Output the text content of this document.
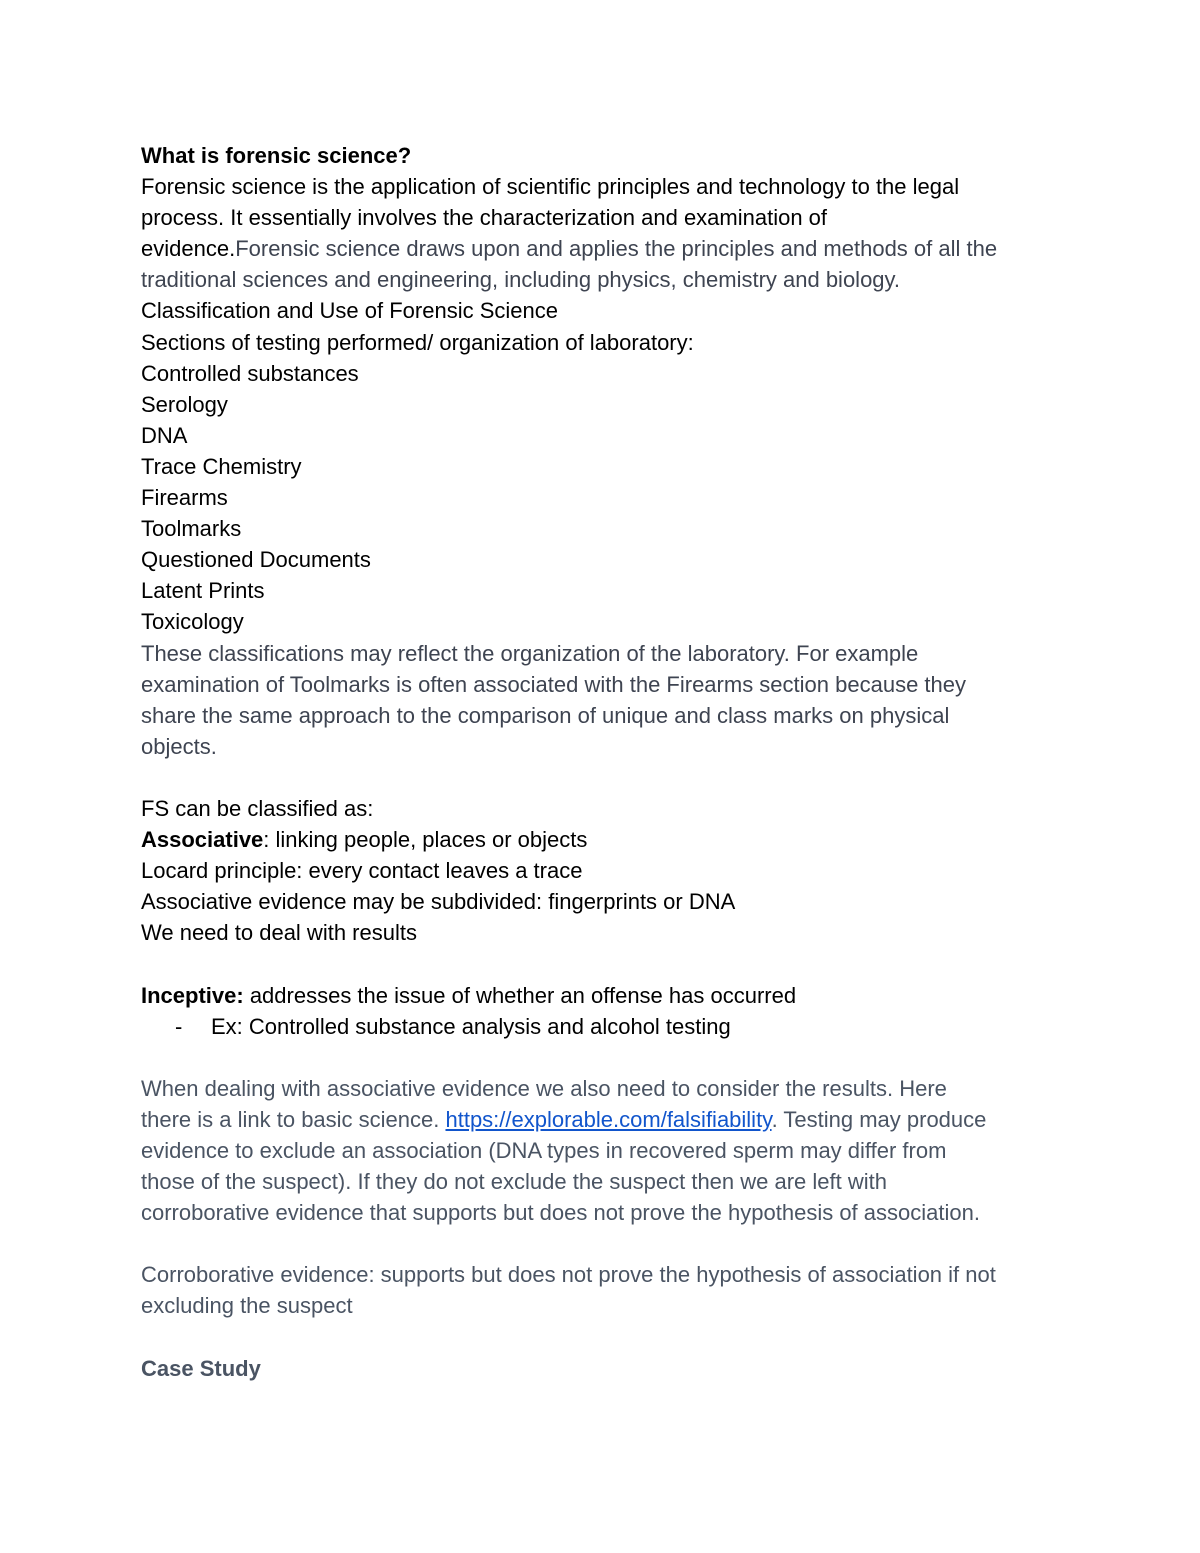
What is forensic science?
Forensic science is the application of scientific principles and technology to the legal
process. It essentially involves the characterization and examination of
evidence.Forensic science draws upon and applies the principles and methods of all the
traditional sciences and engineering, including physics, chemistry and biology.
Classification and Use of Forensic Science
Sections of testing performed/ organization of laboratory:
Controlled substances
Serology
DNA
Trace Chemistry
Firearms
Toolmarks
Questioned Documents
Latent Prints
Toxicology
These classifications may reflect the organization of the laboratory. For example
examination of Toolmarks is often associated with the Firearms section because they
share the same approach to the comparison of unique and class marks on physical
objects.
FS can be classified as:
Associative: linking people, places or objects
Locard principle: every contact leaves a trace
Associative evidence may be subdivided: fingerprints or DNA
We need to deal with results
Inceptive: addresses the issue of whether an offense has occurred
- Ex: Controlled substance analysis and alcohol testing
When dealing with associative evidence we also need to consider the results. Here
there is a link to basic science. https://explorable.com/falsifiability. Testing may produce
evidence to exclude an association (DNA types in recovered sperm may differ from
those of the suspect). If they do not exclude the suspect then we are left with
corroborative evidence that supports but does not prove the hypothesis of association.
Corroborative evidence: supports but does not prove the hypothesis of association if not
excluding the suspect
Case Study
